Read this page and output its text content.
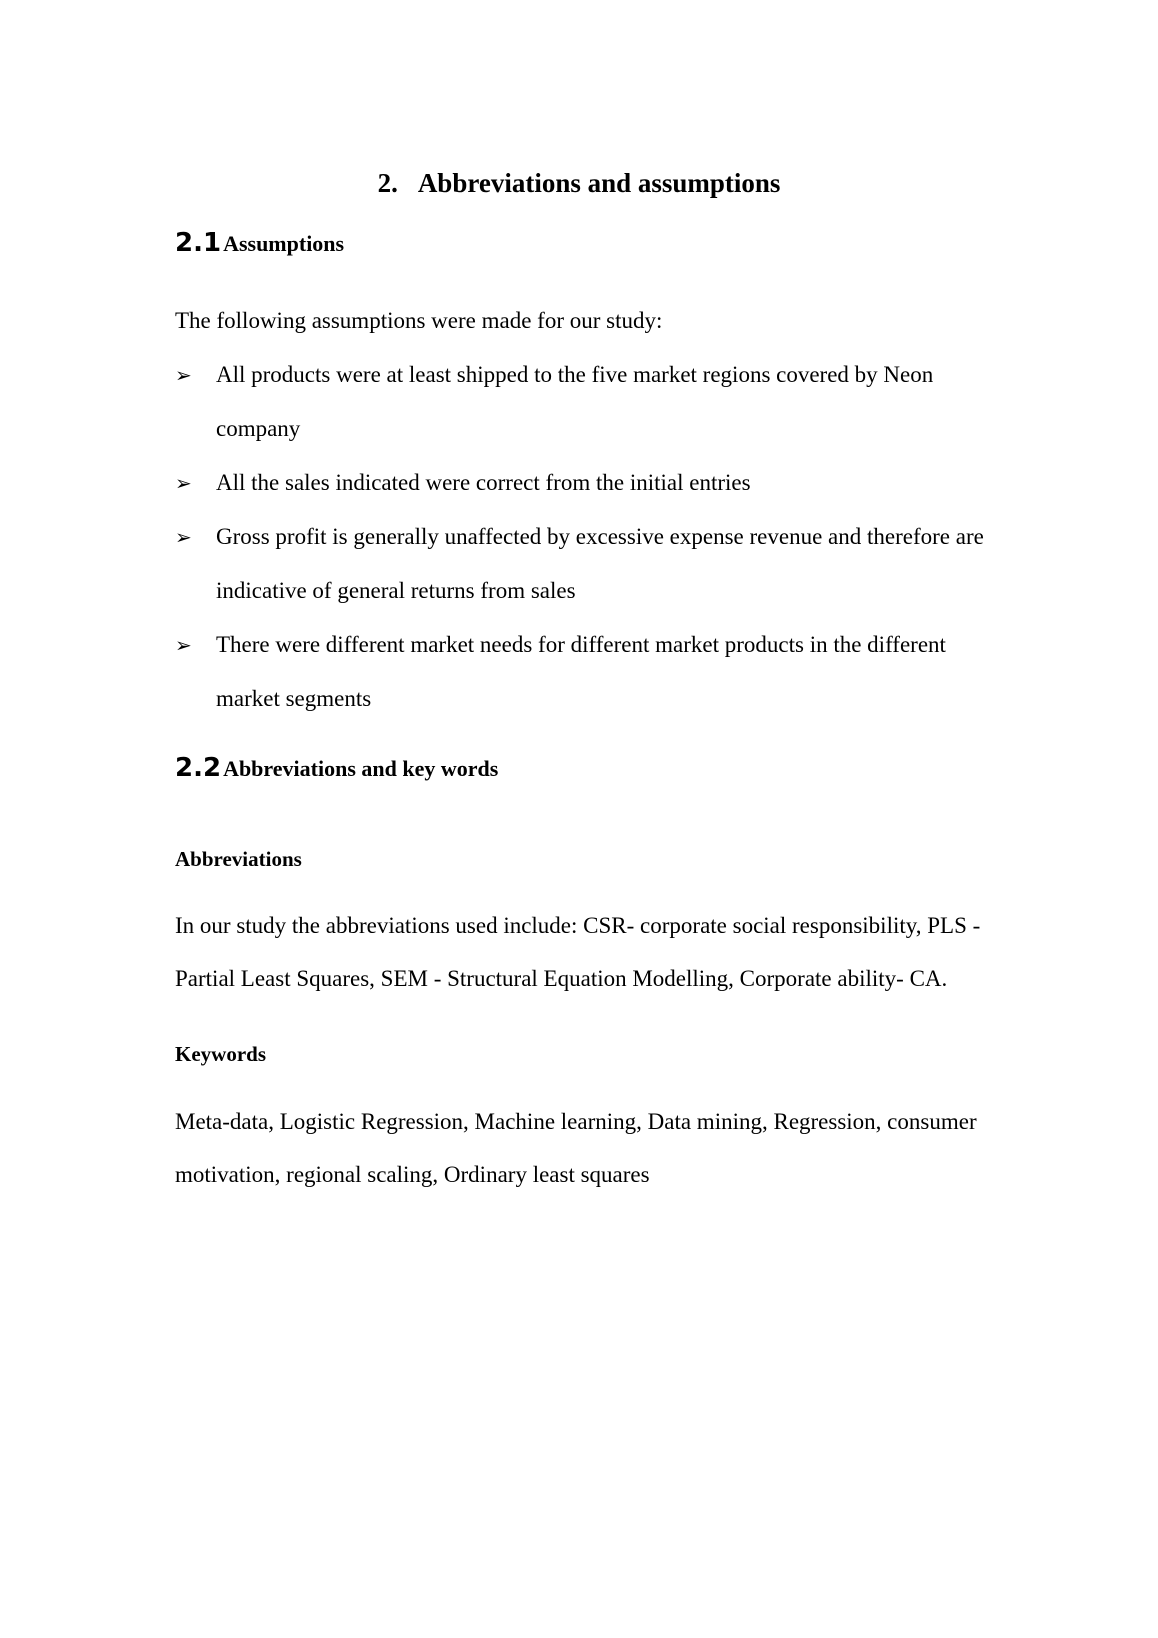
2. Abbreviations and assumptions
2.1Assumptions
The following assumptions were made for our study:
➢ All products were at least shipped to the five market regions covered by Neon company
➢ All the sales indicated were correct from the initial entries
➢ Gross profit is generally unaffected by excessive expense revenue and therefore are indicative of general returns from sales
➢ There were different market needs for different market products in the different market segments
2.2Abbreviations and key words
Abbreviations
In our study the abbreviations used include: CSR- corporate social responsibility, PLS -Partial Least Squares, SEM - Structural Equation Modelling, Corporate ability- CA.
Keywords
Meta-data, Logistic Regression, Machine learning, Data mining, Regression, consumer motivation, regional scaling, Ordinary least squares
